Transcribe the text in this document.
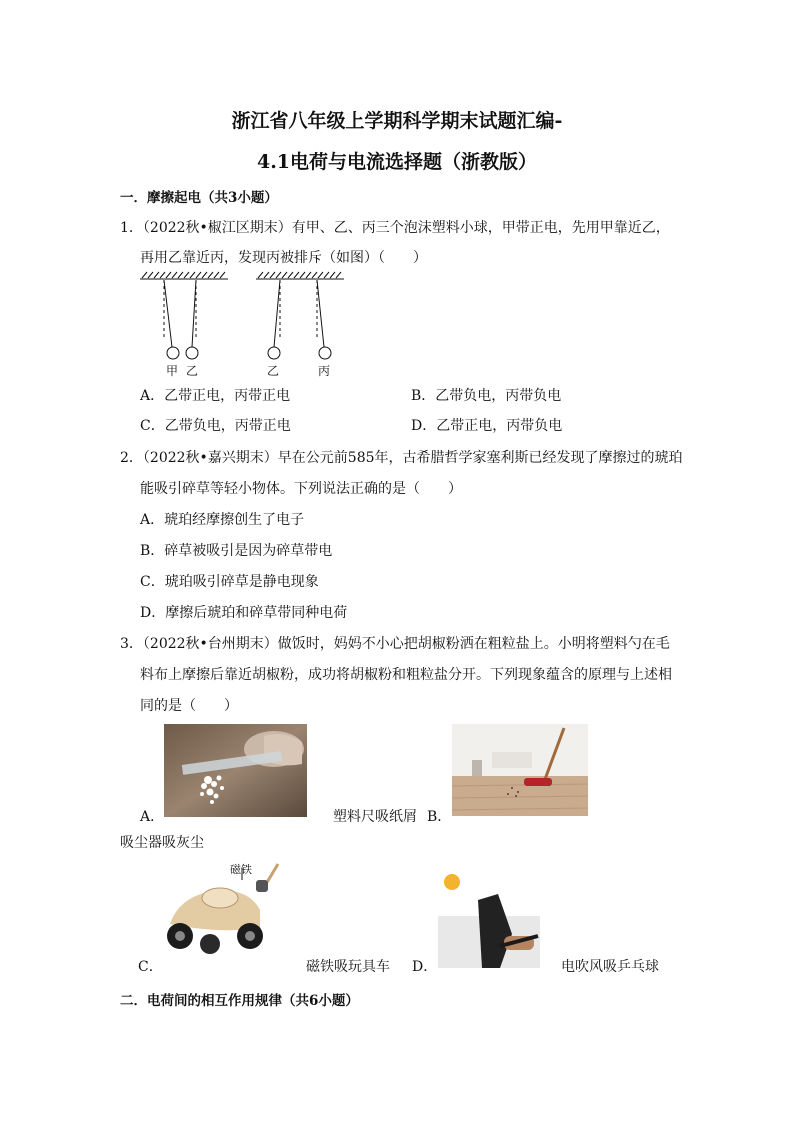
浙江省八年级上学期科学期末试题汇编-
4.1电荷与电流选择题（浙教版）
一．摩擦起电（共3小题）
1．（2022秋•椒江区期末）有甲、乙、丙三个泡沫塑料小球，甲带正电，先用甲靠近乙，
再用乙靠近丙，发现丙被排斥（如图）（　　）
甲 乙	乙	丙
A．乙带正电，丙带正电	B．乙带负电，丙带负电
C．乙带负电，丙带正电	D．乙带正电，丙带负电
2．（2022秋•嘉兴期末）早在公元前585年，古希腊哲学家塞利斯已经发现了摩擦过的琥珀
能吸引碎草等轻小物体。下列说法正确的是（　　）
A．琥珀经摩擦创生了电子
B．碎草被吸引是因为碎草带电
C．琥珀吸引碎草是静电现象
D．摩擦后琥珀和碎草带同种电荷
3．（2022秋•台州期末）做饭时，妈妈不小心把胡椒粉洒在粗粒盐上。小明将塑料勺在毛
料布上摩擦后靠近胡椒粉，成功将胡椒粉和粗粒盐分开。下列现象蕴含的原理与上述相
同的是（　　）
A．	塑料尺吸纸屑 B．
吸尘器吸灰尘
磁铁
C．	磁铁吸玩具车 D．	电吹风吸乒乓球
二．电荷间的相互作用规律（共6小题）
